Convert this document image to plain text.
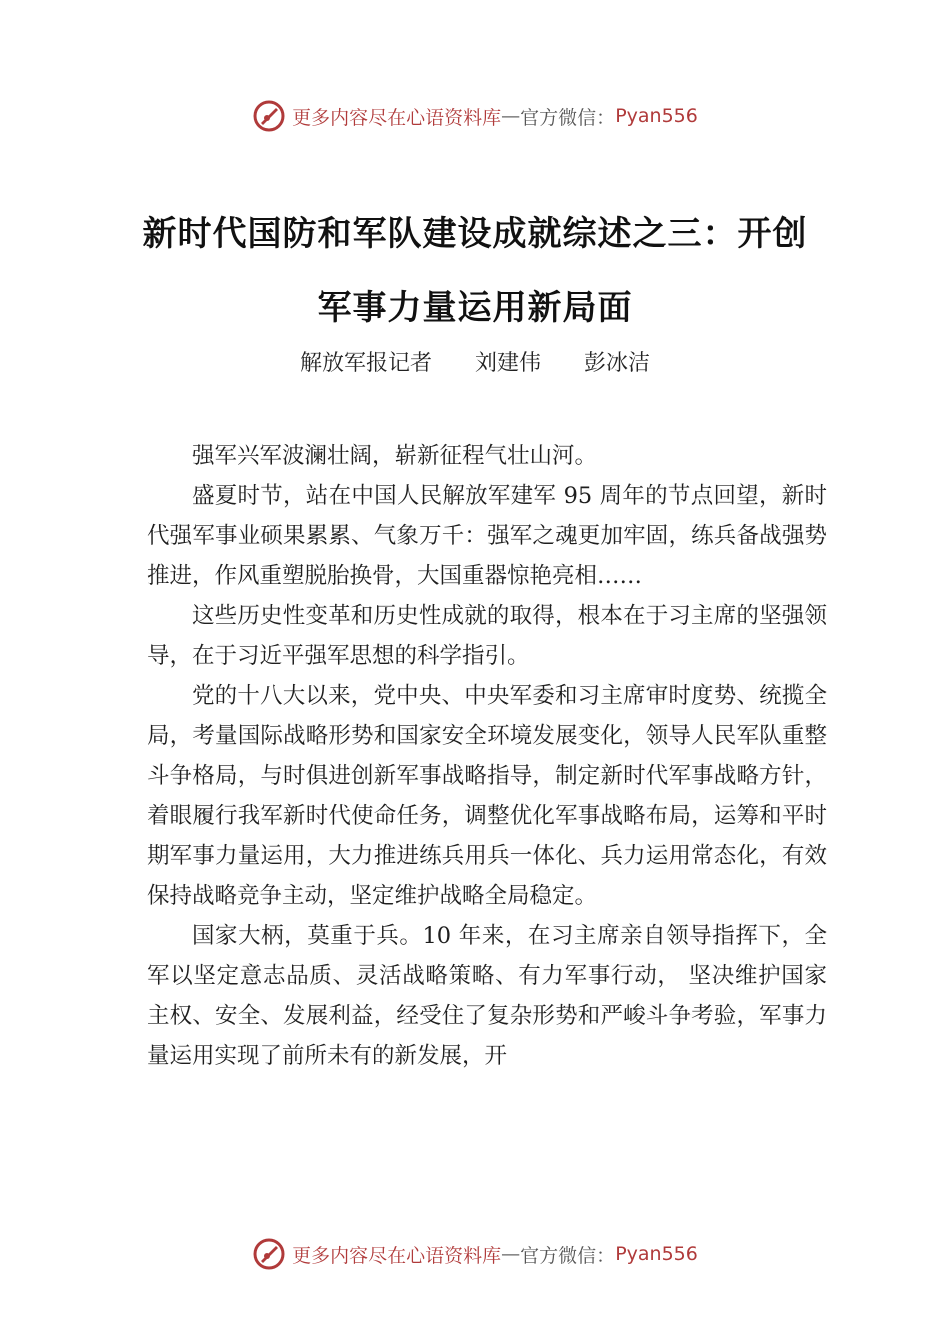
更多内容尽在心语资料库 — 官方微信： Pyan556
新时代国防和军队建设成就综述之三：开创
军事力量运用新局面
解放军报记者 刘建伟 彭冰洁

强军兴军波澜壮阔，崭新征程气壮山河。

盛夏时节，站在中国人民解放军建军 95 周年的节点回望，新时代强军事业硕果累累、气象万千：强军之魂更加牢固，练兵备战强势推进，作风重塑脱胎换骨，大国重器惊艳亮相……

这些历史性变革和历史性成就的取得，根本在于习主席的坚强领导，在于习近平强军思想的科学指引。

党的十八大以来，党中央、中央军委和习主席审时度势、统揽全局，考量国际战略形势和国家安全环境发展变化，领导人民军队重整斗争格局，与时俱进创新军事战略指导，制定新时代军事战略方针，着眼履行我军新时代使命任务，调整优化军事战略布局，运筹和平时期军事力量运用，大力推进练兵用兵一体化、兵力运用常态化，有效保持战略竞争主动，坚定维护战略全局稳定。

国家大柄，莫重于兵。10 年来，在习主席亲自领导指挥下，全军以坚定意志品质、灵活战略策略、有力军事行动， 坚决维护国家主权、安全、发展利益，经受住了复杂形势和严峻斗争考验，军事力量运用实现了前所未有的新发展，开

更多内容尽在心语资料库 — 官方微信： Pyan556
